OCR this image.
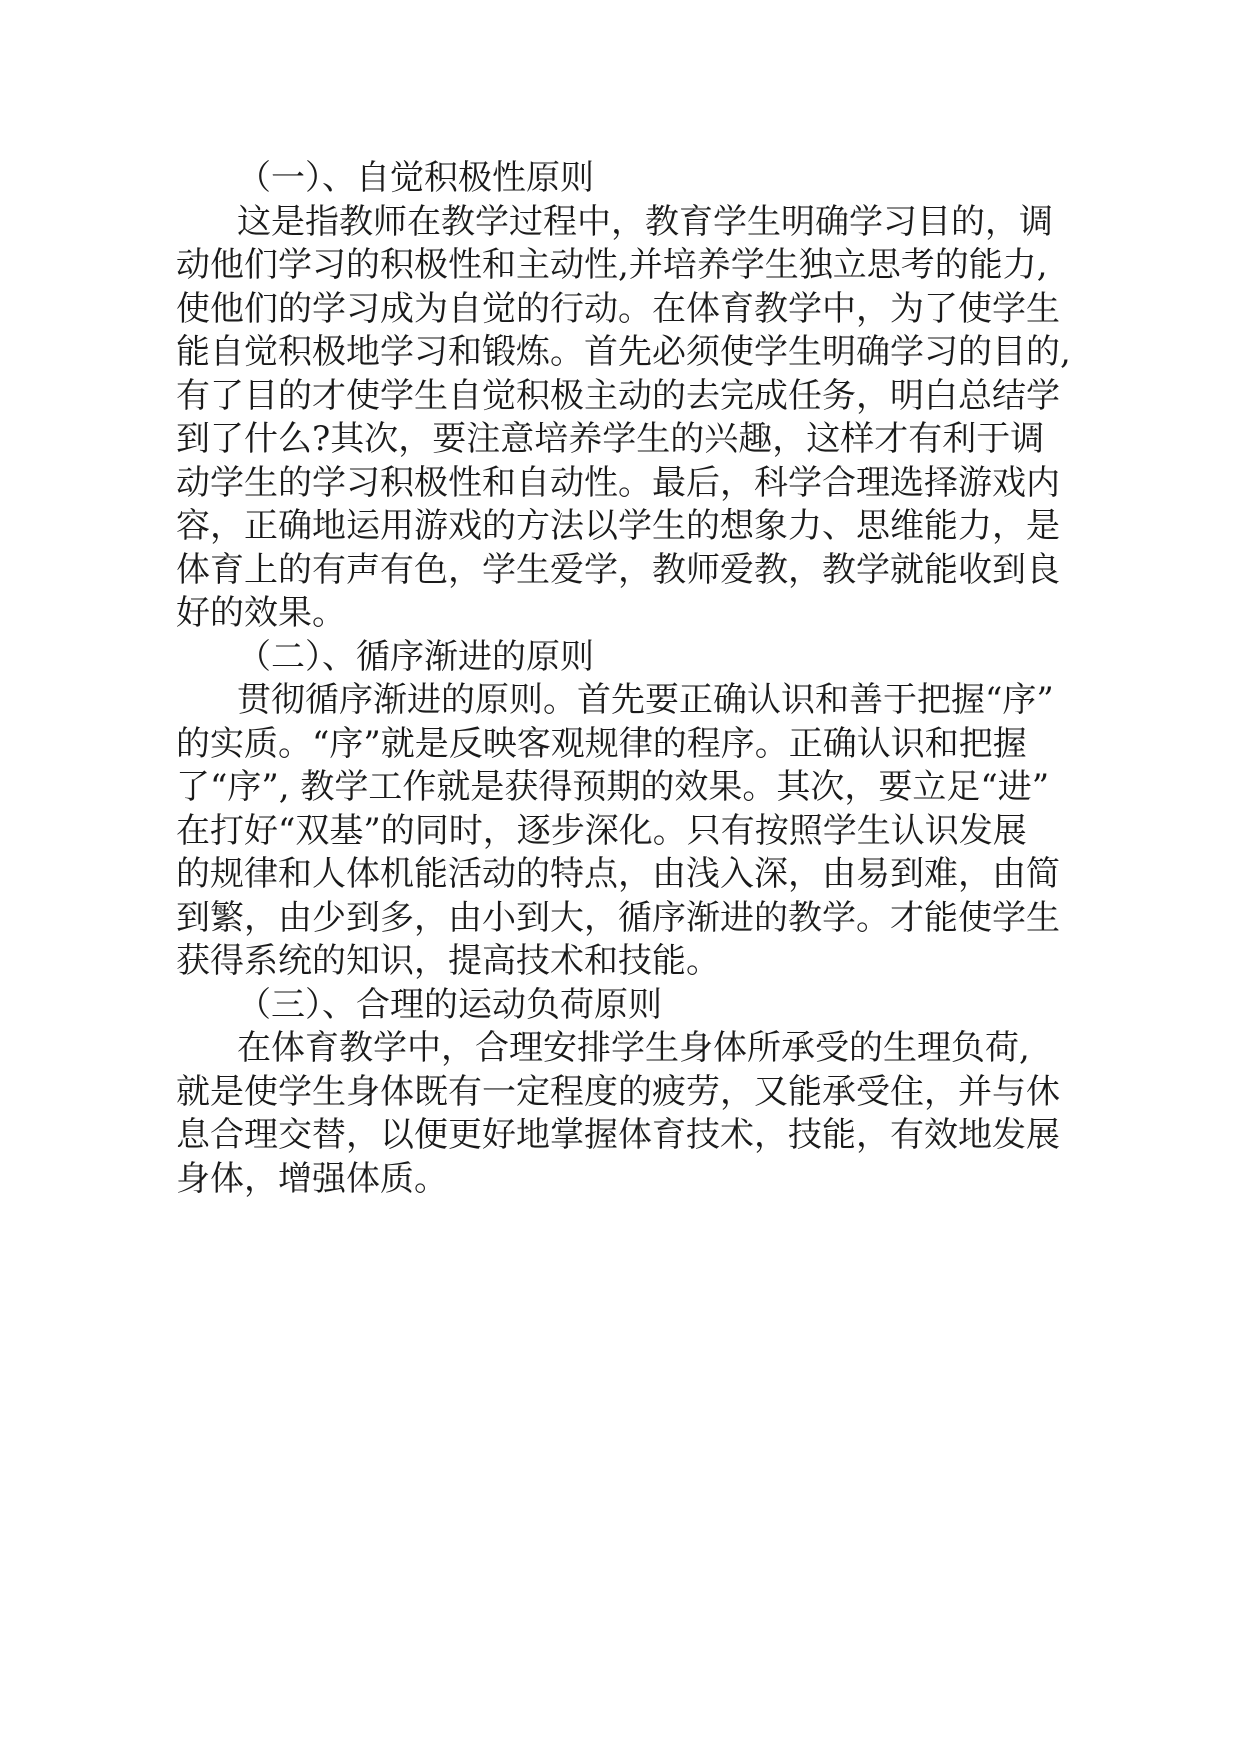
（一）、自觉积极性原则
这是指教师在教学过程中，教育学生明确学习目的，调
动他们学习的积极性和主动性,并培养学生独立思考的能力,
使他们的学习成为自觉的行动。在体育教学中，为了使学生
能自觉积极地学习和锻炼。首先必须使学生明确学习的目的,
有了目的才使学生自觉积极主动的去完成任务，明白总结学
到了什么?其次，要注意培养学生的兴趣，这样才有利于调
动学生的学习积极性和自动性。最后，科学合理选择游戏内
容，正确地运用游戏的方法以学生的想象力、思维能力，是
体育上的有声有色，学生爱学，教师爱教，教学就能收到良
好的效果。
（二）、循序渐进的原则
贯彻循序渐进的原则。首先要正确认识和善于把握“序”
的实质。“序”就是反映客观规律的程序。正确认识和把握
了“序”, 教学工作就是获得预期的效果。其次，要立足“进”
在打好“双基”的同时，逐步深化。只有按照学生认识发展
的规律和人体机能活动的特点，由浅入深，由易到难，由简
到繁，由少到多，由小到大，循序渐进的教学。才能使学生
获得系统的知识，提高技术和技能。
（三）、合理的运动负荷原则
在体育教学中，合理安排学生身体所承受的生理负荷,
就是使学生身体既有一定程度的疲劳，又能承受住，并与休
息合理交替，以便更好地掌握体育技术，技能，有效地发展
身体，增强体质。
